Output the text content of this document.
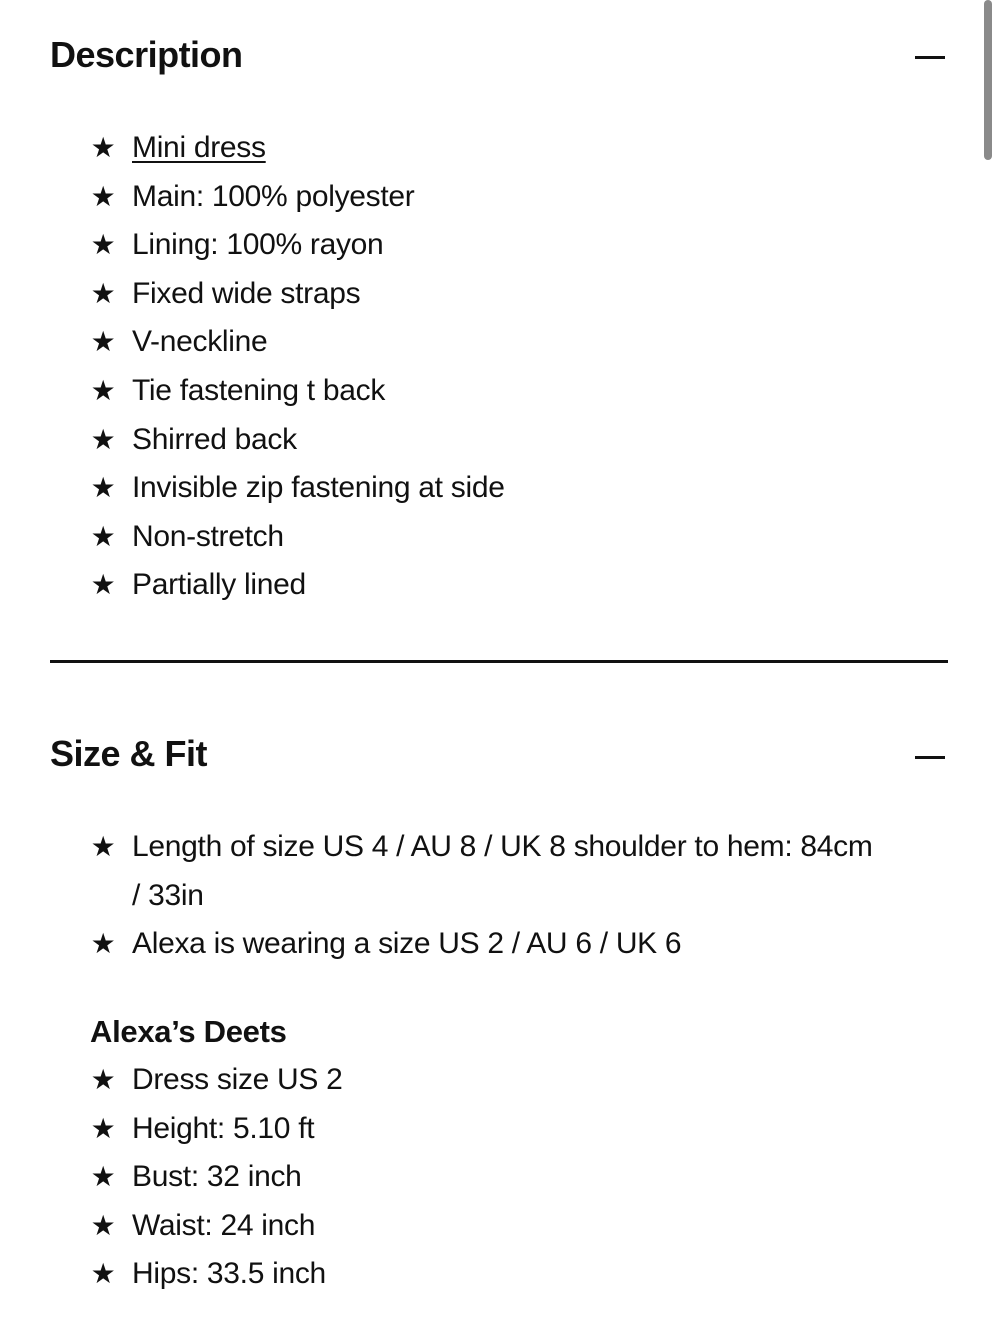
Description
★ Mini dress
★ Main: 100% polyester
★ Lining: 100% rayon
★ Fixed wide straps
★ V-neckline
★ Tie fastening t back
★ Shirred back
★ Invisible zip fastening at side
★ Non-stretch
★ Partially lined
Size & Fit
★ Length of size US 4 / AU 8 / UK 8 shoulder to hem: 84cm / 33in
★ Alexa is wearing a size US 2 / AU 6 / UK 6
Alexa’s Deets
★ Dress size US 2
★ Height: 5.10 ft
★ Bust: 32 inch
★ Waist: 24 inch
★ Hips: 33.5 inch
